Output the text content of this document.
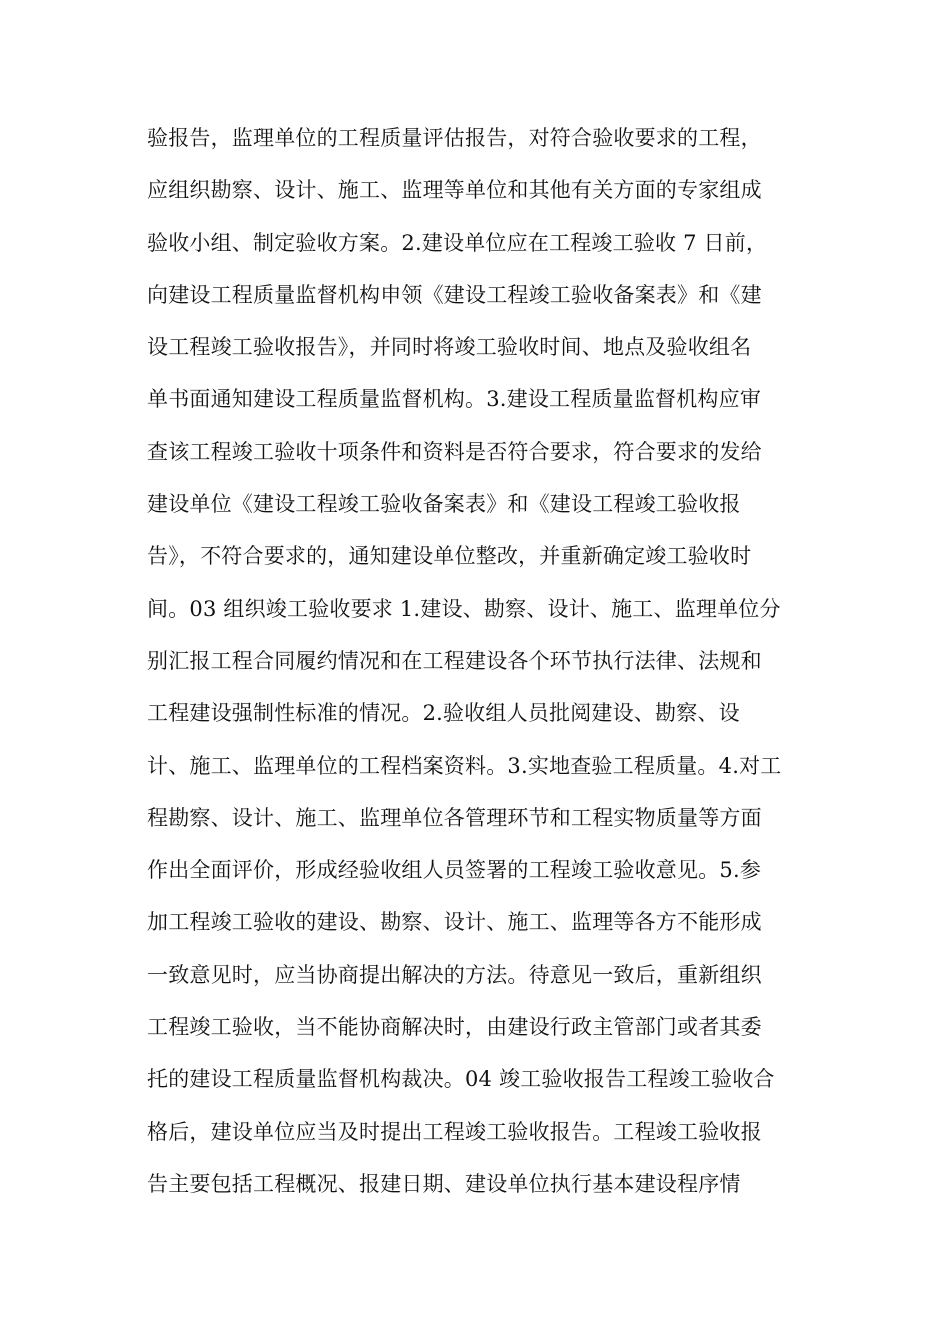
验报告，监理单位的工程质量评估报告，对符合验收要求的工程，
应组织勘察、设计、施工、监理等单位和其他有关方面的专家组成
验收小组、制定验收方案。2.建设单位应在工程竣工验收 7 日前，
向建设工程质量监督机构申领《建设工程竣工验收备案表》和《建
设工程竣工验收报告》，并同时将竣工验收时间、地点及验收组名
单书面通知建设工程质量监督机构。3.建设工程质量监督机构应审
查该工程竣工验收十项条件和资料是否符合要求，符合要求的发给
建设单位《建设工程竣工验收备案表》和《建设工程竣工验收报
告》，不符合要求的，通知建设单位整改，并重新确定竣工验收时
间。03 组织竣工验收要求 1.建设、勘察、设计、施工、监理单位分
别汇报工程合同履约情况和在工程建设各个环节执行法律、法规和
工程建设强制性标准的情况。2.验收组人员批阅建设、勘察、设
计、施工、监理单位的工程档案资料。3.实地查验工程质量。4.对工
程勘察、设计、施工、监理单位各管理环节和工程实物质量等方面
作出全面评价，形成经验收组人员签署的工程竣工验收意见。5.参
加工程竣工验收的建设、勘察、设计、施工、监理等各方不能形成
一致意见时，应当协商提出解决的方法。待意见一致后，重新组织
工程竣工验收，当不能协商解决时，由建设行政主管部门或者其委
托的建设工程质量监督机构裁决。04 竣工验收报告工程竣工验收合
格后，建设单位应当及时提出工程竣工验收报告。工程竣工验收报
告主要包括工程概况、报建日期、建设单位执行基本建设程序情
